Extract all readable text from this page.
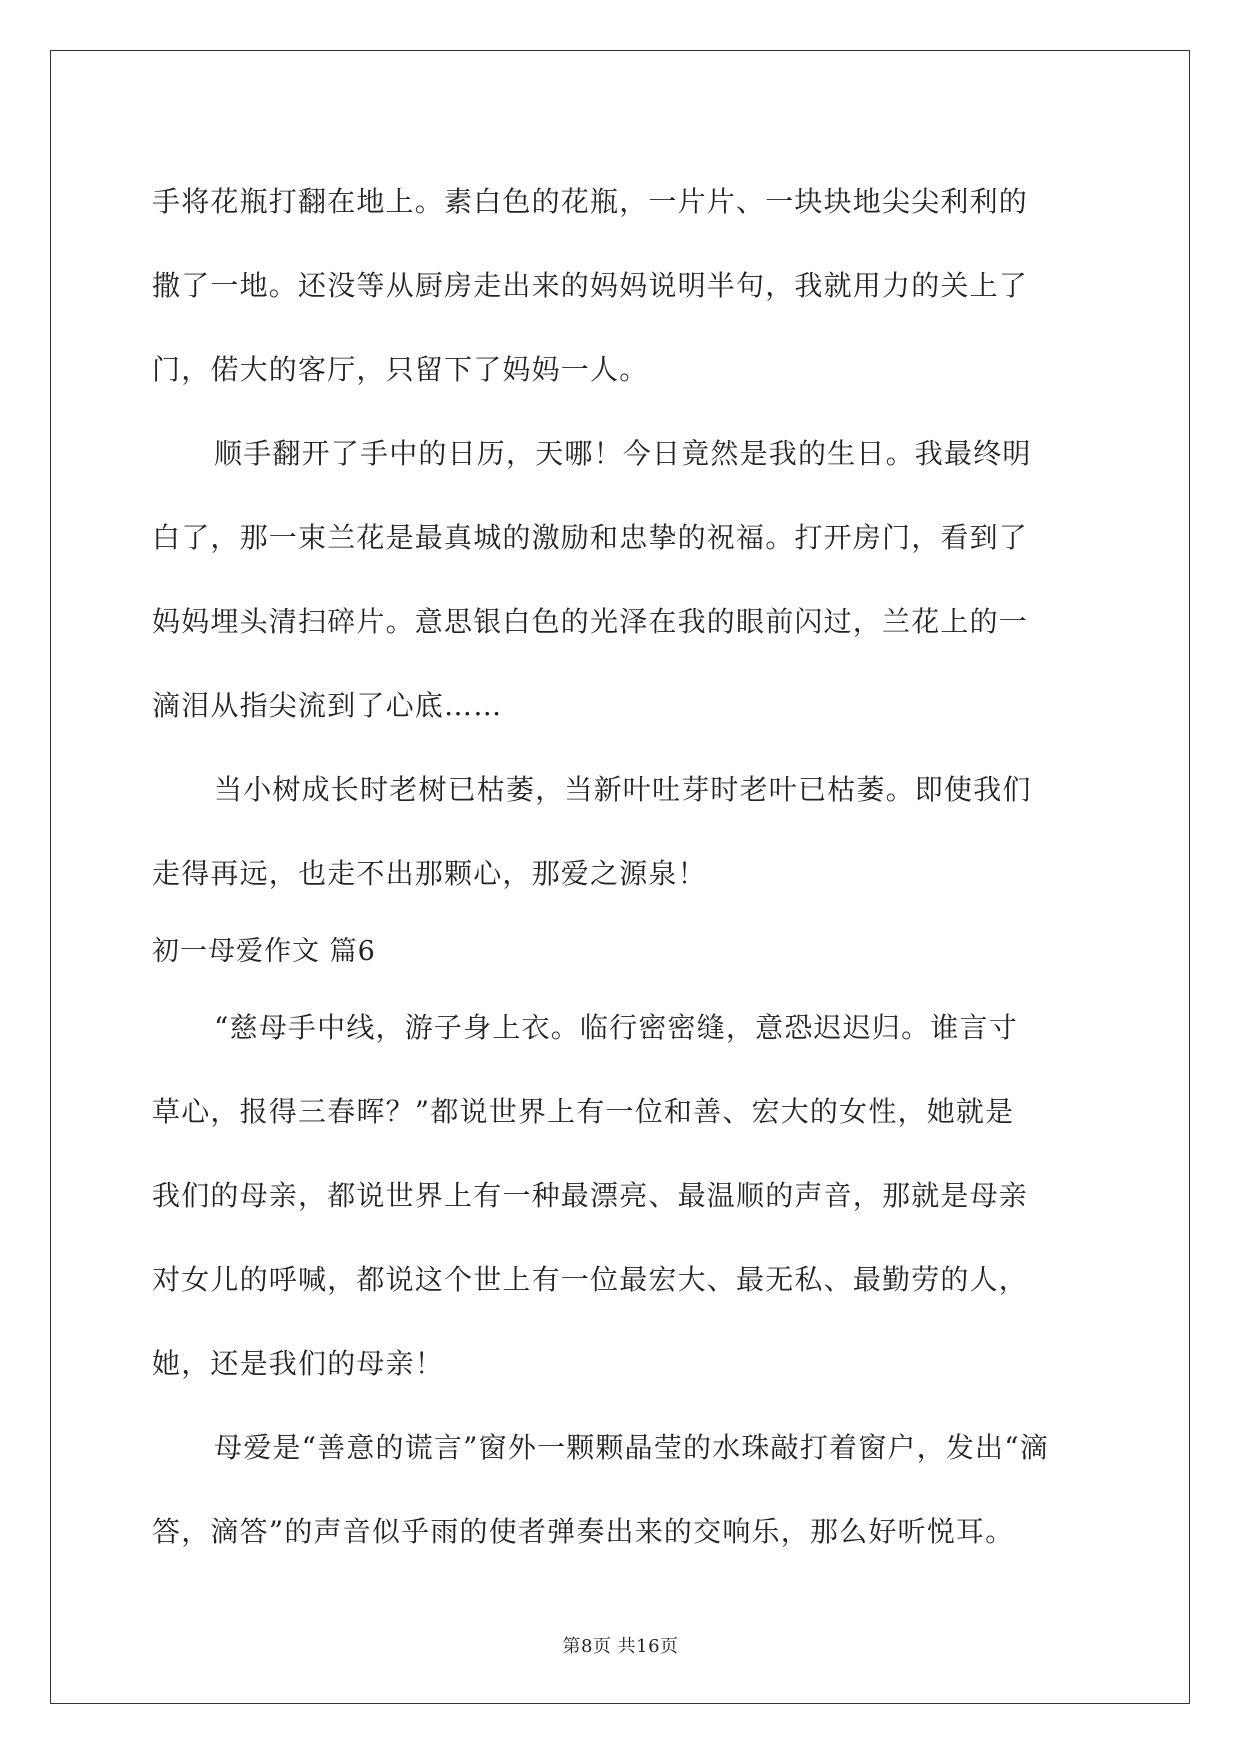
手将花瓶打翻在地上。素白色的花瓶，一片片、一块块地尖尖利利的
撒了一地。还没等从厨房走出来的妈妈说明半句，我就用力的关上了
门，偌大的客厅，只留下了妈妈一人。
顺手翻开了手中的日历，天哪！今日竟然是我的生日。我最终明
白了，那一束兰花是最真城的激励和忠挚的祝福。打开房门，看到了
妈妈埋头清扫碎片。意思银白色的光泽在我的眼前闪过，兰花上的一
滴泪从指尖流到了心底……
当小树成长时老树已枯萎，当新叶吐芽时老叶已枯萎。即使我们
走得再远，也走不出那颗心，那爱之源泉！
初一母爱作文 篇6
“慈母手中线，游子身上衣。临行密密缝，意恐迟迟归。谁言寸
草心，报得三春晖？”都说世界上有一位和善、宏大的女性，她就是
我们的母亲，都说世界上有一种最漂亮、最温顺的声音，那就是母亲
对女儿的呼喊，都说这个世上有一位最宏大、最无私、最勤劳的人，
她，还是我们的母亲！
母爱是“善意的谎言”窗外一颗颗晶莹的水珠敲打着窗户，发出“滴
答，滴答”的声音似乎雨的使者弹奏出来的交响乐，那么好听悦耳。
第8页 共16页
